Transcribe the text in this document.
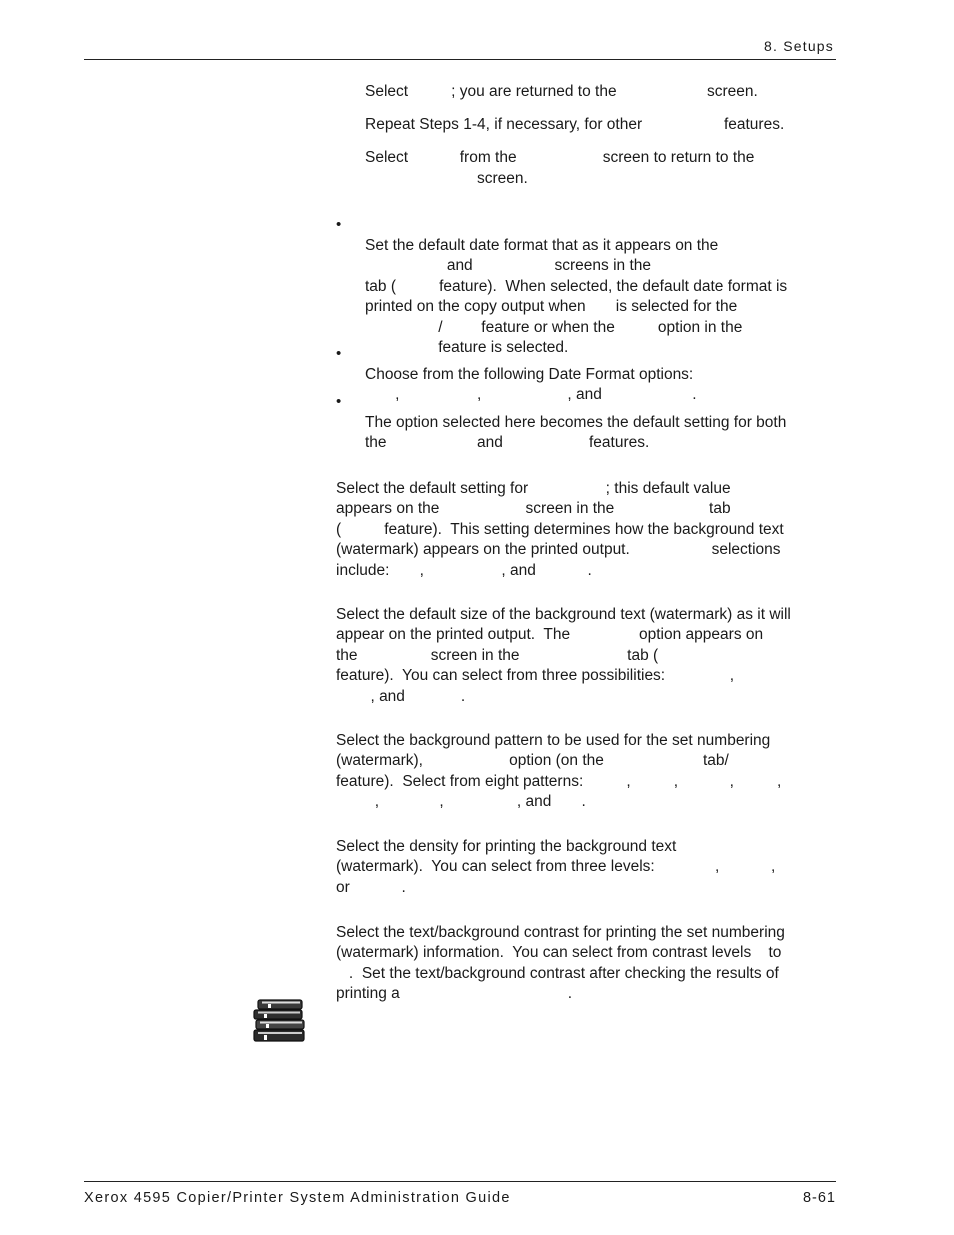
8. Setups
Select          ; you are returned to the                     screen.
Repeat Steps 1-4, if necessary, for other                   features.
Select            from the                    screen to return to the
screen.
•

Set the default date format that as it appears on the
and                   screens in the
tab (          feature).  When selected, the default date format is
printed on the copy output when       is selected for the
/         feature or when the          option in the
feature is selected.
•

Choose from the following Date Format options:
,                  ,                    , and                     .
•

The option selected here becomes the default setting for both
the                     and                    features.

Select the default setting for                  ; this default value
appears on the                    screen in the                      tab
(          feature).  This setting determines how the background text
(watermark) appears on the printed output.                   selections
include:       ,                  , and            .

Select the default size of the background text (watermark) as it will
appear on the printed output.  The                option appears on
the                 screen in the                         tab (
feature).  You can select from three possibilities:               ,
, and             .

Select the background pattern to be used for the set numbering
(watermark),                    option (on the                       tab/
feature).  Select from eight patterns:          ,          ,            ,          ,
,              ,                 , and       .

Select the density for printing the background text
(watermark).  You can select from three levels:              ,            ,
or            .

Select the text/background contrast for printing the set numbering
(watermark) information.  You can select from contrast levels    to
.  Set the text/background contrast after checking the results of
printing a                                       .
Xerox 4595 Copier/Printer System Administration Guide	8-61
